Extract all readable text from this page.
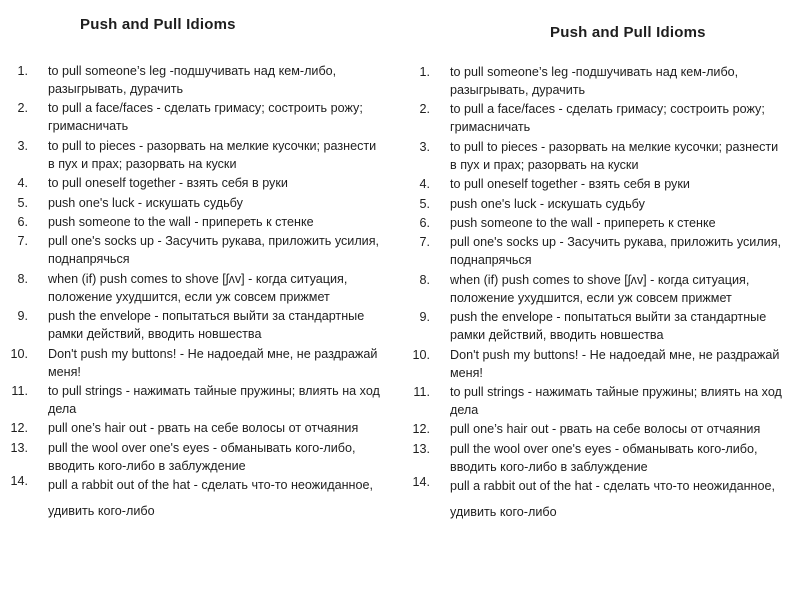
Push and Pull Idioms
1. to pull someone’s leg -подшучивать над кем-либо, разыгрывать, дурачить
2. to pull a face/faces - сделать гримасу; состроить рожу; гримасничать
3. to pull to pieces - разорвать на мелкие кусочки; разнести в пух и прах; разорвать на куски
4. to pull oneself together - взять себя в руки
5. push one's luck - искушать судьбу
6. push someone to the wall - припереть к стенке
7. pull one's socks up - Засучить рукава, приложить усилия, поднапрячься
8. when (if) push comes to shove [ʃʌv] - когда ситуация, положение ухудшится, если уж совсем прижмет
9. push the envelope - попытаться выйти за стандартные рамки действий, вводить новшества
10. Don't push my buttons! - Не надоедай мне, не раздражай меня!
11. to pull strings - нажимать тайные пружины; влиять на ход дела
12. pull one’s hair out - рвать на себе волосы от отчаяния
13. pull the wool over one's eyes - обманывать кого-либо, вводить кого-либо в заблуждение
14. pull a rabbit out of the hat - сделать что-то неожиданное, удивить кого-либо
Push and Pull Idioms
1. to pull someone’s leg -подшучивать над кем-либо, разыгрывать, дурачить
2. to pull a face/faces - сделать гримасу; состроить рожу; гримасничать
3. to pull to pieces - разорвать на мелкие кусочки; разнести в пух и прах; разорвать на куски
4. to pull oneself together - взять себя в руки
5. push one's luck - искушать судьбу
6. push someone to the wall - припереть к стенке
7. pull one's socks up - Засучить рукава, приложить усилия, поднапрячься
8. when (if) push comes to shove [ʃʌv] - когда ситуация, положение ухудшится, если уж совсем прижмет
9. push the envelope - попытаться выйти за стандартные рамки действий, вводить новшества
10. Don't push my buttons! - Не надоедай мне, не раздражай меня!
11. to pull strings - нажимать тайные пружины; влиять на ход дела
12. pull one’s hair out - рвать на себе волосы от отчаяния
13. pull the wool over one's eyes - обманывать кого-либо, вводить кого-либо в заблуждение
14. pull a rabbit out of the hat - сделать что-то неожиданное, удивить кого-либо
